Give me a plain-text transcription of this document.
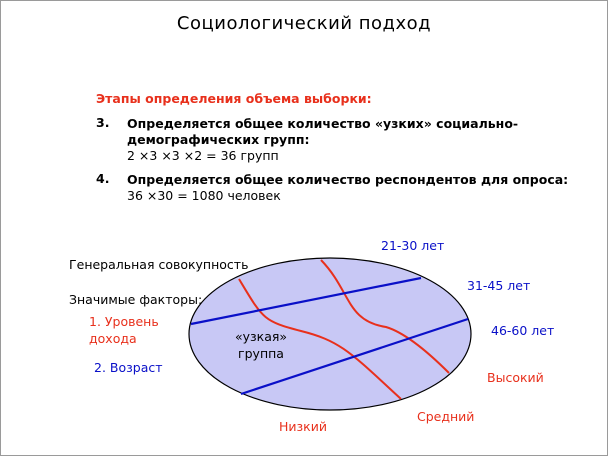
Социологический подход
Этапы определения объема выборки:
3. Определяется общее количество «узких» социально-
демографических групп:
2 ×3 ×3 ×2 = 36 групп
4. Определяется общее количество респондентов для опроса:
36 ×30 = 1080 человек
Генеральная совокупность
Значимые факторы:
1. Уровень
дохода
2. Возраст
«узкая»
группа
21-30 лет
31-45 лет
46-60 лет
Низкий
Средний
Высокий
